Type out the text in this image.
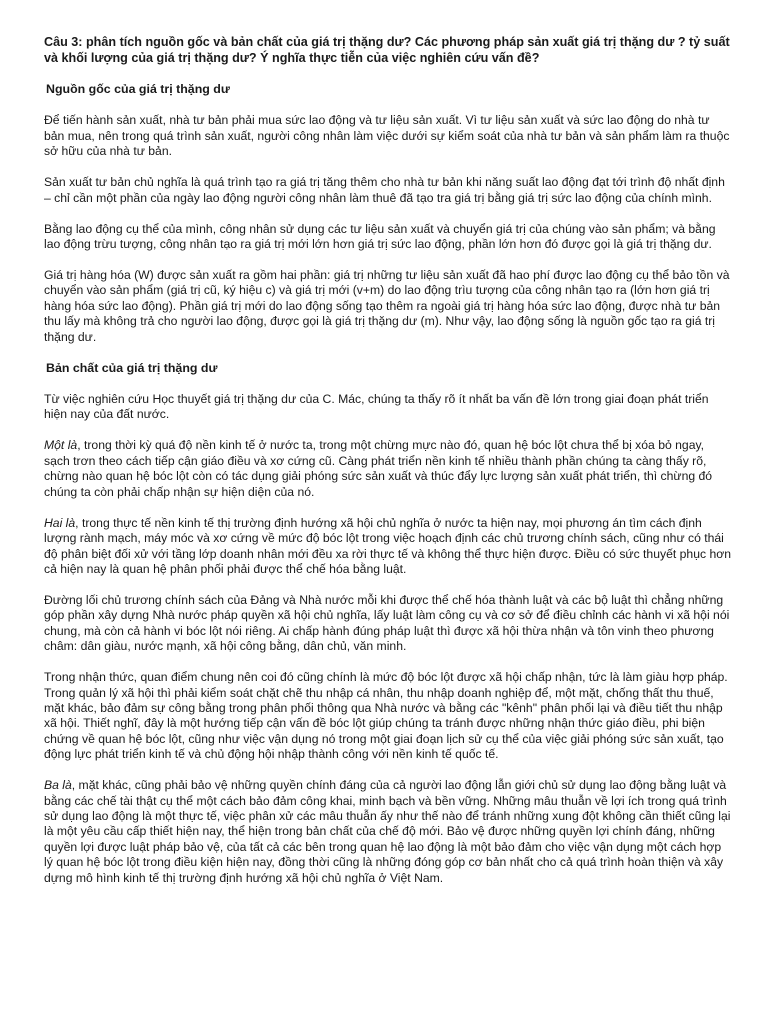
Câu 3: phân tích nguồn gốc và bản chất của giá trị thặng dư? Các phương pháp sản xuất giá trị thặng dư ? tỷ suất và khối lượng của giá trị thặng dư? Ý nghĩa thực tiễn của việc nghiên cứu vấn đề?
Nguồn gốc của giá trị thặng dư

Để tiến hành sản xuất, nhà tư bản phải mua sức lao động và tư liệu sản xuất. Vì tư liệu sản xuất và sức lao động do nhà tư bản mua, nên trong quá trình sản xuất, người công nhân làm việc dưới sự kiểm soát của nhà tư bản và sản phẩm làm ra thuộc sở hữu của nhà tư bản.

Sản xuất tư bản chủ nghĩa là quá trình tạo ra giá trị tăng thêm cho nhà tư bản khi năng suất lao động đạt tới trình độ nhất định – chỉ cần một phần của ngày lao động người công nhân làm thuê đã tạo tra giá trị bằng giá trị sức lao động của chính mình.

Bằng lao động cụ thể của mình, công nhân sử dụng các tư liệu sản xuất và chuyển giá trị của chúng vào sản phẩm; và bằng lao động trừu tượng, công nhân tạo ra giá trị mới lớn hơn giá trị sức lao động, phần lớn hơn đó được gọi là giá trị thặng dư.

Giá trị hàng hóa (W) được sản xuất ra gồm hai phần: giá trị những tư liệu sản xuất đã hao phí được lao động cụ thể bảo tồn và chuyển vào sản phẩm (giá trị cũ, ký hiệu c) và giá trị mới (v+m) do lao động trìu tượng của công nhân tạo ra (lớn hơn giá trị hàng hóa sức lao động). Phần giá trị mới do lao động sống tạo thêm ra ngoài giá trị hàng hóa sức lao động, được nhà tư bản thu lấy mà không trả cho người lao động, được gọi là giá trị thặng dư (m). Như vậy, lao động sống là nguồn gốc tạo ra giá trị thặng dư.

Bản chất của giá trị thặng dư

Từ việc nghiên cứu Học thuyết giá trị thặng dư của C. Mác, chúng ta thấy rõ ít nhất ba vấn đề lớn trong giai đoạn phát triển hiện nay của đất nước.

Một là, trong thời kỳ quá độ nền kinh tế ở nước ta, trong một chừng mực nào đó, quan hệ bóc lột chưa thể bị xóa bỏ ngay, sạch trơn theo cách tiếp cận giáo điều và xơ cứng cũ. Càng phát triển nền kinh tế nhiều thành phần chúng ta càng thấy rõ, chừng nào quan hệ bóc lột còn có tác dụng giải phóng sức sản xuất và thúc đẩy lực lượng sản xuất phát triển, thì chừng đó chúng ta còn phải chấp nhận sự hiện diện của nó.

Hai là, trong thực tế nền kinh tế thị trường định hướng xã hội chủ nghĩa ở nước ta hiện nay, mọi phương án tìm cách định lượng rành mạch, máy móc và xơ cứng về mức độ bóc lột trong việc hoạch định các chủ trương chính sách, cũng như có thái độ phân biệt đối xử với tầng lớp doanh nhân mới đều xa rời thực tế và không thể thực hiện được. Điều có sức thuyết phục hơn cả hiện nay là quan hệ phân phối phải được thể chế hóa bằng luật.

Đường lối chủ trương chính sách của Đảng và Nhà nước mỗi khi được thể chế hóa thành luật và các bộ luật thì chẳng những góp phần xây dựng Nhà nước pháp quyền xã hội chủ nghĩa, lấy luật làm công cụ và cơ sở để điều chỉnh các hành vi xã hội nói chung, mà còn cả hành vi bóc lột nói riêng. Ai chấp hành đúng pháp luật thì được xã hội thừa nhận và tôn vinh theo phương châm: dân giàu, nước mạnh, xã hội công bằng, dân chủ, văn minh.

Trong nhận thức, quan điểm chung nên coi đó cũng chính là mức độ bóc lột được xã hội chấp nhận, tức là làm giàu hợp pháp. Trong quản lý xã hội thì phải kiểm soát chặt chẽ thu nhập cá nhân, thu nhập doanh nghiệp để, một mặt, chống thất thu thuế, mặt khác, bảo đảm sự công bằng trong phân phối thông qua Nhà nước và bằng các "kênh" phân phối lại và điều tiết thu nhập xã hội. Thiết nghĩ, đây là một hướng tiếp cận vấn đề bóc lột giúp chúng ta tránh được những nhận thức giáo điều, phi biện chứng về quan hệ bóc lột, cũng như việc vận dụng nó trong một giai đoạn lịch sử cụ thể của việc giải phóng sức sản xuất, tạo động lực phát triển kinh tế và chủ động hội nhập thành công với nền kinh tế quốc tế.

Ba là, mặt khác, cũng phải bảo vệ những quyền chính đáng của cả người lao động lẫn giới chủ sử dụng lao động bằng luật và bằng các chế tài thật cụ thể một cách bảo đảm công khai, minh bạch và bền vững. Những mâu thuẫn về lợi ích trong quá trình sử dụng lao động là một thực tế, việc phân xử các mâu thuẫn ấy như thế nào để tránh những xung đột không cần thiết cũng lại là một yêu cầu cấp thiết hiện nay, thể hiện trong bản chất của chế độ mới. Bảo vệ được những quyền lợi chính đáng, những quyền lợi được luật pháp bảo vệ, của tất cả các bên trong quan hệ lao động là một bảo đảm cho việc vận dụng một cách hợp lý quan hệ bóc lột trong điều kiện hiện nay, đồng thời cũng là những đóng góp cơ bản nhất cho cả quá trình hoàn thiện và xây dựng mô hình kinh tế thị trường định hướng xã hội chủ nghĩa ở Việt Nam.
